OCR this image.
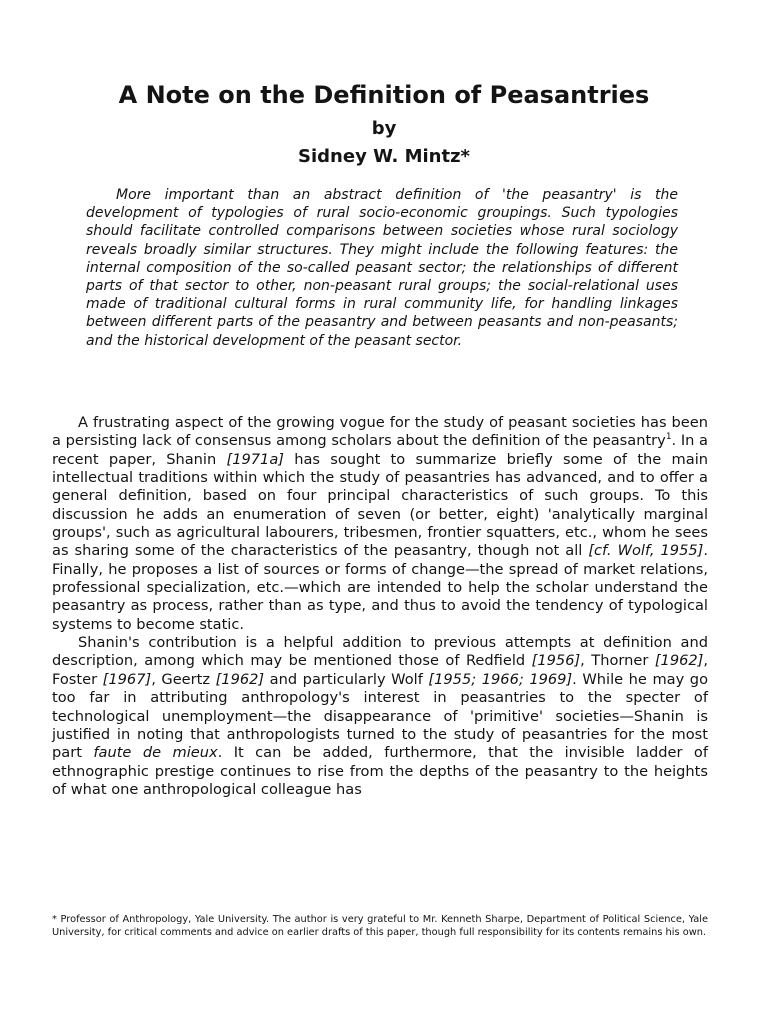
A Note on the Definition of Peasantries
by
Sidney W. Mintz*

More important than an abstract definition of 'the peasantry' is the development of typologies of rural socio-economic groupings. Such typologies should facilitate controlled comparisons between societies whose rural sociology reveals broadly similar structures. They might include the following features: the internal composition of the so-called peasant sector; the relationships of different parts of that sector to other, non-peasant rural groups; the social-relational uses made of traditional cultural forms in rural community life, for handling linkages between different parts of the peasantry and between peasants and non-peasants; and the historical development of the peasant sector.

A frustrating aspect of the growing vogue for the study of peasant societies has been a persisting lack of consensus among scholars about the definition of the peasantry$^1$. In a recent paper, Shanin [1971a] has sought to summarize briefly some of the main intellectual traditions within which the study of peasantries has advanced, and to offer a general definition, based on four principal characteristics of such groups. To this discussion he adds an enumeration of seven (or better, eight) 'analytically marginal groups', such as agricultural labourers, tribesmen, frontier squatters, etc., whom he sees as sharing some of the characteristics of the peasantry, though not all [cf. Wolf, 1955]. Finally, he proposes a list of sources or forms of change—the spread of market relations, professional specialization, etc.—which are intended to help the scholar understand the peasantry as process, rather than as type, and thus to avoid the tendency of typological systems to become static.

Shanin's contribution is a helpful addition to previous attempts at definition and description, among which may be mentioned those of Redfield [1956], Thorner [1962], Foster [1967], Geertz [1962] and particularly Wolf [1955; 1966; 1969]. While he may go too far in attributing anthropology's interest in peasantries to the specter of technological unemployment—the disappearance of 'primitive' societies—Shanin is justified in noting that anthropologists turned to the study of peasantries for the most part faute de mieux. It can be added, furthermore, that the invisible ladder of ethnographic prestige continues to rise from the depths of the peasantry to the heights of what one anthropological colleague has

* Professor of Anthropology, Yale University. The author is very grateful to Mr. Kenneth Sharpe, Department of Political Science, Yale University, for critical comments and advice on earlier drafts of this paper, though full responsibility for its contents remains his own.
